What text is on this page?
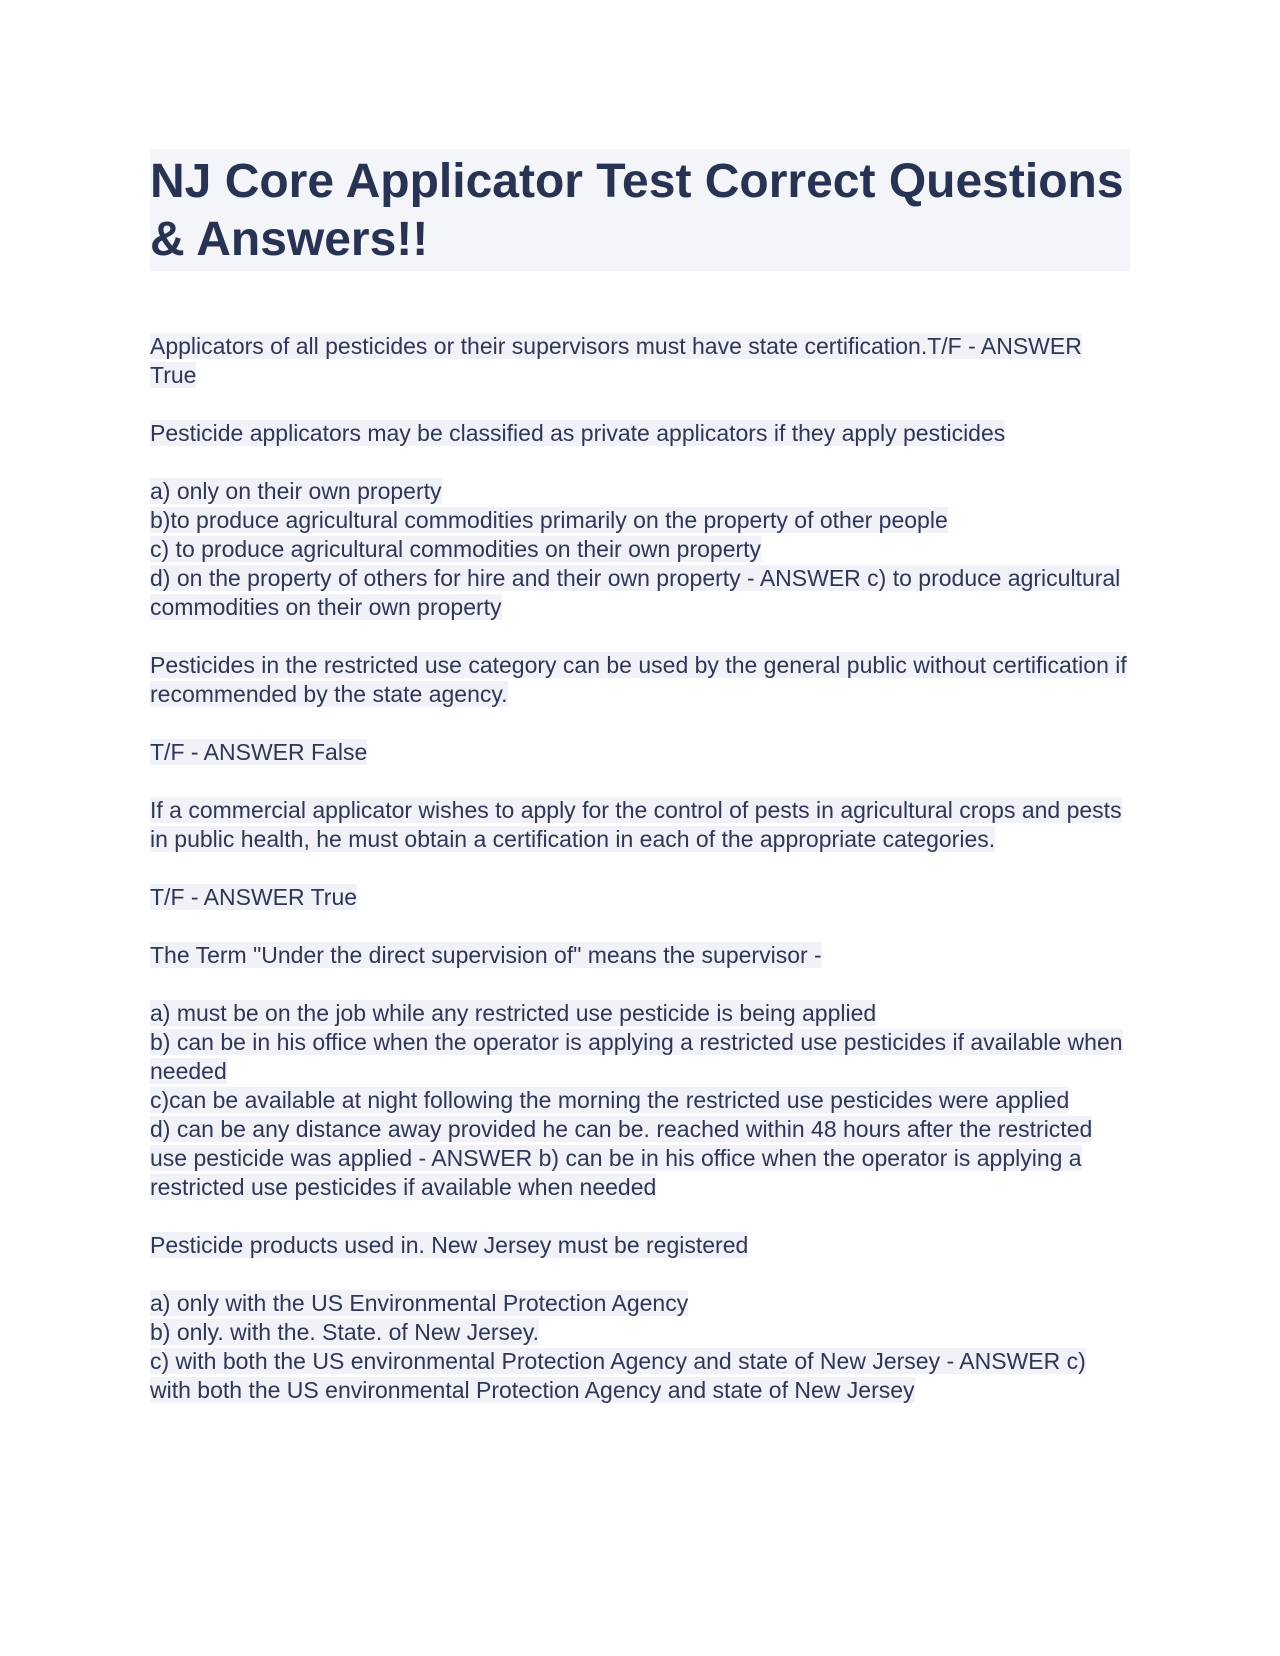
NJ Core Applicator Test Correct Questions & Answers!!
Applicators of all pesticides or their supervisors must have state certification.T/F - ANSWER True
Pesticide applicators may be classified as private applicators if they apply pesticides
a) only on their own property
b)to produce agricultural commodities primarily on the property of other people
c) to produce agricultural commodities on their own property
d) on the property of others for hire and their own property - ANSWER c) to produce agricultural commodities on their own property
Pesticides in the restricted use category can be used by the general public without certification if recommended by the state agency.
T/F - ANSWER False
If a commercial applicator wishes to apply for the control of pests in agricultural crops and pests in public health, he must obtain a certification in each of the appropriate categories.
T/F - ANSWER True
The Term "Under the direct supervision of" means the supervisor -
a) must be on the job while any restricted use pesticide is being applied
b) can be in his office when the operator is applying a restricted use pesticides if available when needed
c)can be available at night following the morning the restricted use pesticides were applied
d) can be any distance away provided he can be. reached within 48 hours after the restricted use pesticide was applied - ANSWER b) can be in his office when the operator is applying a restricted use pesticides if available when needed
Pesticide products used in. New Jersey must be registered
a) only with the US Environmental Protection Agency
b) only. with the. State. of New Jersey.
c) with both the US environmental Protection Agency and state of New Jersey - ANSWER c) with both the US environmental Protection Agency and state of New Jersey
